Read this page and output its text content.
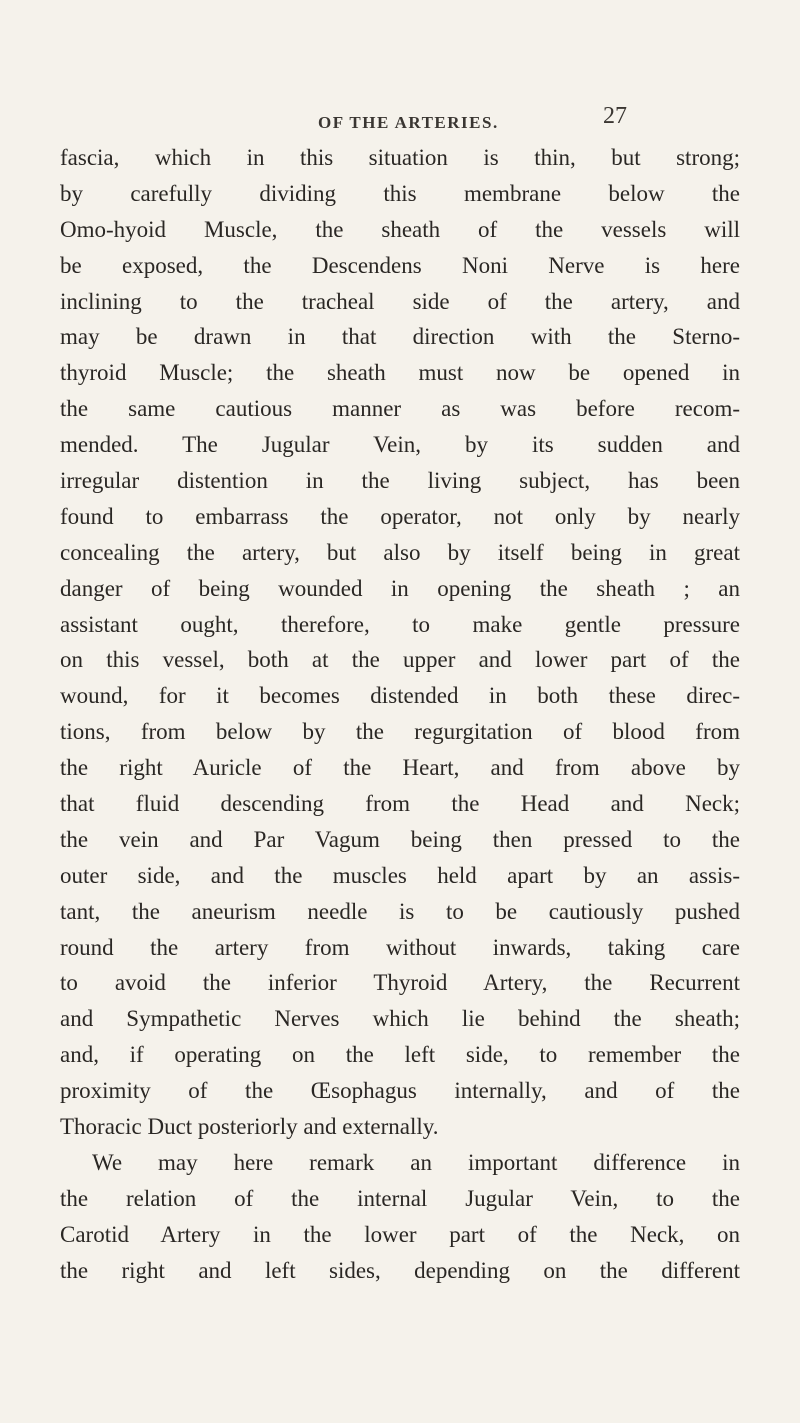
OF THE ARTERIES.	27
fascia, which in this situation is thin, but strong;
by carefully dividing this membrane below the
Omo-hyoid Muscle, the sheath of the vessels will
be exposed, the Descendens Noni Nerve is here
inclining to the tracheal side of the artery, and
may be drawn in that direction with the Sterno-
thyroid Muscle; the sheath must now be opened in
the same cautious manner as was before recom-
mended. The Jugular Vein, by its sudden and
irregular distention in the living subject, has been
found to embarrass the operator, not only by nearly
concealing the artery, but also by itself being in great
danger of being wounded in opening the sheath ; an
assistant ought, therefore, to make gentle pressure
on this vessel, both at the upper and lower part of the
wound, for it becomes distended in both these direc-
tions, from below by the regurgitation of blood from
the right Auricle of the Heart, and from above by
that fluid descending from the Head and Neck;
the vein and Par Vagum being then pressed to the
outer side, and the muscles held apart by an assis-
tant, the aneurism needle is to be cautiously pushed
round the artery from without inwards, taking care
to avoid the inferior Thyroid Artery, the Recurrent
and Sympathetic Nerves which lie behind the sheath;
and, if operating on the left side, to remember the
proximity of the Œsophagus internally, and of the
Thoracic Duct posteriorly and externally.
We may here remark an important difference in
the relation of the internal Jugular Vein, to the
Carotid Artery in the lower part of the Neck, on
the right and left sides, depending on the different
